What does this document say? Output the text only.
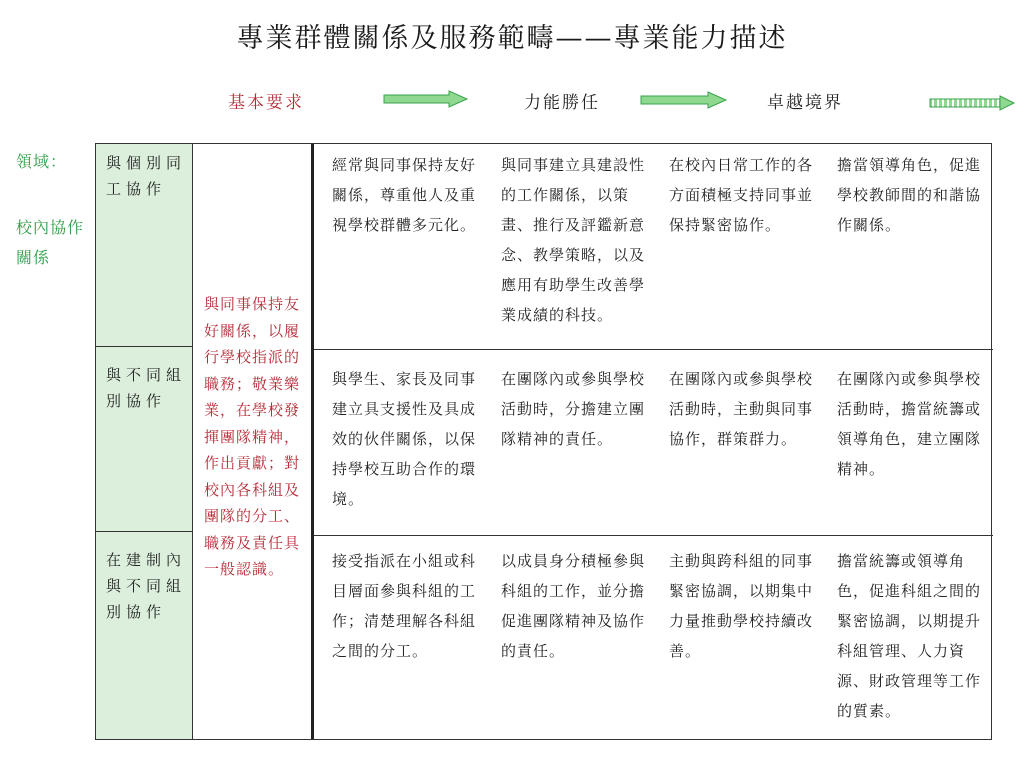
專業群體關係及服務範疇——專業能力描述
基本要求	力能勝任	卓越境界
領域：
校內協作關係
與個別同工協作
與不同組別協作
在建制內與不同組別協作
與同事保持友好關係，以履行學校指派的職務；敬業樂業，在學校發揮團隊精神，作出貢獻；對校內各科組及團隊的分工、職務及責任具一般認識。
經常與同事保持友好關係，尊重他人及重視學校群體多元化。
與同事建立具建設性的工作關係，以策畫、推行及評鑑新意念、教學策略，以及應用有助學生改善學業成績的科技。
在校內日常工作的各方面積極支持同事並保持緊密協作。
擔當領導角色，促進學校教師間的和諧協作關係。
與學生、家長及同事建立具支援性及具成效的伙伴關係，以保持學校互助合作的環境。
在團隊內或參與學校活動時，分擔建立團隊精神的責任。
在團隊內或參與學校活動時，主動與同事協作，群策群力。
在團隊內或參與學校活動時，擔當統籌或領導角色，建立團隊精神。
接受指派在小組或科目層面參與科組的工作；清楚理解各科組之間的分工。
以成員身分積極參與科組的工作，並分擔促進團隊精神及協作的責任。
主動與跨科組的同事緊密協調，以期集中力量推動學校持續改善。
擔當統籌或領導角色，促進科組之間的緊密協調，以期提升科組管理、人力資源、財政管理等工作的質素。
